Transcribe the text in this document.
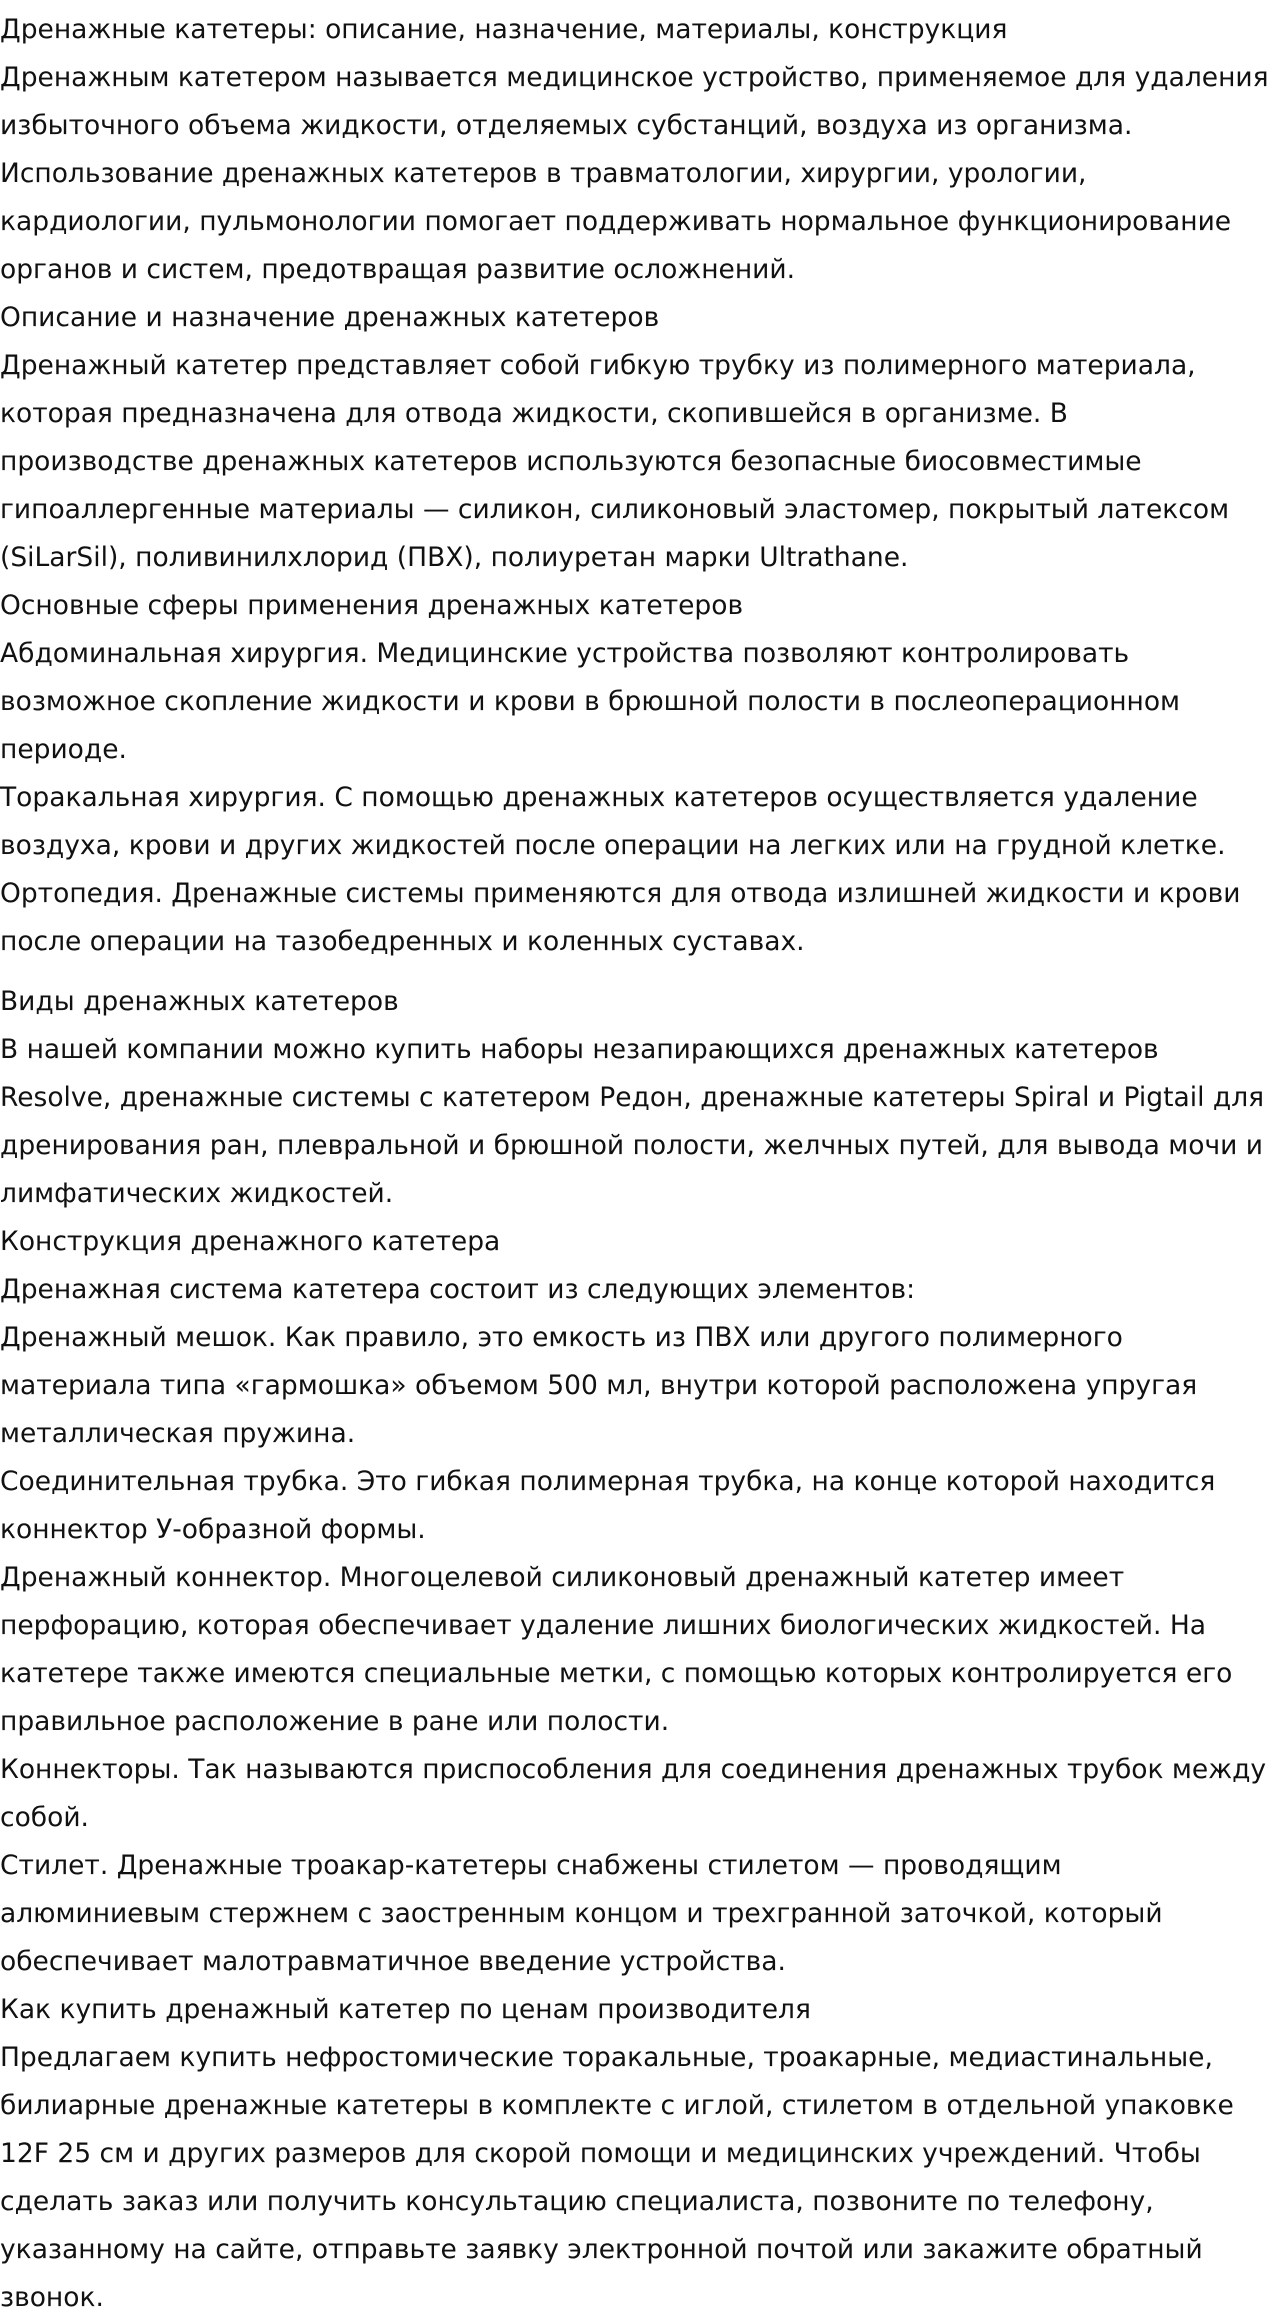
Дренажные катетеры: описание, назначение, материалы, конструкция

Дренажным катетером называется медицинское устройство, применяемое для удаления избыточного объема жидкости, отделяемых субстанций, воздуха из организма.

Использование дренажных катетеров в травматологии, хирургии, урологии, кардиологии, пульмонологии помогает поддерживать нормальное функционирование органов и систем, предотвращая развитие осложнений.

Описание и назначение дренажных катетеров

Дренажный катетер представляет собой гибкую трубку из полимерного материала, которая предназначена для отвода жидкости, скопившейся в организме. В производстве дренажных катетеров используются безопасные биосовместимые гипоаллергенные материалы — силикон, силиконовый эластомер, покрытый латексом (SiLarSil), поливинилхлорид (ПВХ), полиуретан марки Ultrathane.

Основные сферы применения дренажных катетеров

Абдоминальная хирургия. Медицинские устройства позволяют контролировать возможное скопление жидкости и крови в брюшной полости в послеоперационном периоде.

Торакальная хирургия. С помощью дренажных катетеров осуществляется удаление воздуха, крови и других жидкостей после операции на легких или на грудной клетке.

Ортопедия. Дренажные системы применяются для отвода излишней жидкости и крови после операции на тазобедренных и коленных суставах.

Виды дренажных катетеров

В нашей компании можно купить наборы незапирающихся дренажных катетеров Resolve, дренажные системы с катетером Редон, дренажные катетеры Spiral и Pigtail для дренирования ран, плевральной и брюшной полости, желчных путей, для вывода мочи и лимфатических жидкостей.

Конструкция дренажного катетера

Дренажная система катетера состоит из следующих элементов:

Дренажный мешок. Как правило, это емкость из ПВХ или другого полимерного материала типа «гармошка» объемом 500 мл, внутри которой расположена упругая металлическая пружина.

Соединительная трубка. Это гибкая полимерная трубка, на конце которой находится коннектор У-образной формы.

Дренажный коннектор. Многоцелевой силиконовый дренажный катетер имеет перфорацию, которая обеспечивает удаление лишних биологических жидкостей. На катетере также имеются специальные метки, с помощью которых контролируется его правильное расположение в ране или полости.

Коннекторы. Так называются приспособления для соединения дренажных трубок между собой.

Стилет. Дренажные троакар-катетеры снабжены стилетом — проводящим алюминиевым стержнем с заостренным концом и трехгранной заточкой, который обеспечивает малотравматичное введение устройства.

Как купить дренажный катетер по ценам производителя

Предлагаем купить нефростомические торакальные, троакарные, медиастинальные, билиарные дренажные катетеры в комплекте с иглой, стилетом в отдельной упаковке 12F 25 см и других размеров для скорой помощи и медицинских учреждений. Чтобы сделать заказ или получить консультацию специалиста, позвоните по телефону, указанному на сайте, отправьте заявку электронной почтой или закажите обратный звонок.
